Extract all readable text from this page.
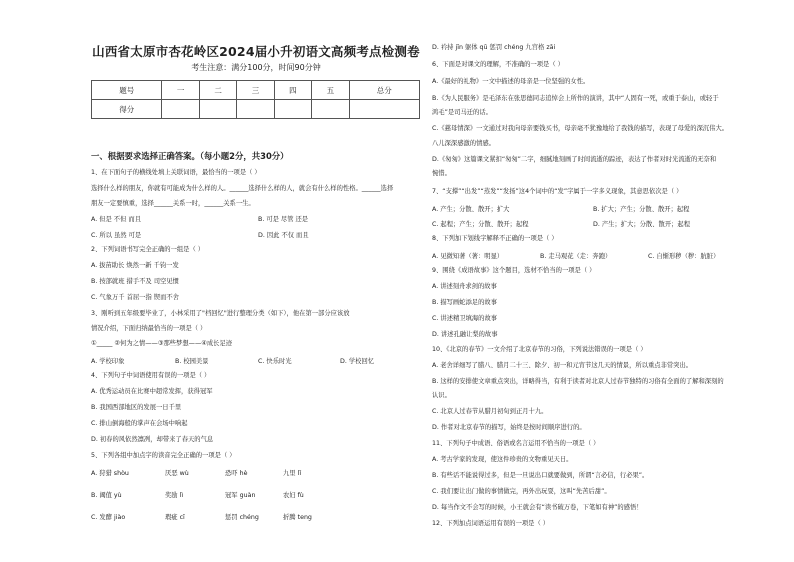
山西省太原市杏花岭区2024届小升初语文高频考点检测卷
考生注意：满分100分，时间90分钟
题号	一	二	三	四	五	总分
得分						
一、根据要求选择正确答案。（每小题2分，共30分）
1、在下面句子的横线处填上关联词语，最恰当的一项是（ ）
选择什么样的朋友，你就有可能成为什么样的人。______选择什么样的人，就会有什么样的性格。______选择
朋友一定要慎重，选择______关系一时，______关系一生。
A. 但是 不但 而且	B. 可是 尽管 还是
C. 所以 虽然 可是	D. 因此 不仅 而且
2、下列词语书写完全正确的一组是（ ）
A. 拔苗助长 焕然一新 千钧一发
B. 按部就班 措手不及 司空见惯
C. 气象万千 首屈一指 锲而不舍
3、刚听到五年级要毕业了，小林采用了"档回忆"进行整理分类（如下），他在第一部分应该放
情况介绍，下面归纳最恰当的一项是（ ）
①_____ ②何为之情——③那些梦想——④成长足迹
A. 学校印象	B. 校园美景	C. 快乐时光	D. 学校回忆
4、下列句子中词语使用有误的一项是（ ）
A. 优秀运动员在比赛中超常发挥，获得冠军
B. 我国西部地区的发展一日千里
C. 排山倒海般的掌声在会场中响起
D. 初春的风依然凛冽，却带来了春天的气息
5、下列各组中加点字的读音完全正确的一项是（ ）
A. 狩猎 shòu	厌恶 wù	恐吓 hè	九里 lǐ
B. 阈值 yù	奖励 lì	冠军 guàn	农妇 fù
C. 发酵 jiào	瑕疵 cī	惩罚 chéng	折腾 teng
D. 衿持 jīn 躯体 qū 惩罚 chéng 九宫格 zāi
6、下面是对课文的理解，不准确的一项是（ ）
A.《最好的礼物》一文中描述的母亲是一位坚强的女性。
B.《为人民服务》是毛泽东在张思德同志追悼会上所作的演讲，其中“人固有一死，或重于泰山，或轻于
鸿毛”是司马迁的话。
C.《慈母情深》一文通过对我向母亲要钱买书，母亲毫不犹豫地给了我钱的描写，表现了母爱的深沉伟大。
八儿深深感激的情感。
D.《匆匆》这篇课文紧扣“匆匆”二字，细腻地刻画了时间流逝的踪迹，表达了作者对时光流逝的无奈和
惋惜。
7、“支撑”“出发”“蒸发”“发扬”这4个词中的“发”字属于一字多义现象，其意思依次是（ ）
A. 产生；分散、散开；扩大	B. 扩大；产生；分散、散开；起程
C. 起程；产生；分散、散开；起程	D. 产生；扩大；分散、散开；起程
8、下列加下划线字解释不正确的一项是（ ）
A. 见微知著（著：明显）	B. 走马观花（走：奔跑）	C. 自惭形秽（秽：肮脏）
9、围绕《成语故事》这个题目，选材不恰当的一项是（ ）
A. 讲述刻舟求剑的故事
B. 描写画蛇添足的故事
C. 讲述精卫填海的故事
D. 讲述孔融让梨的故事
10、《北京的春节》一文介绍了北京春节的习俗，下列说法错误的一项是（ ）
A. 老舍详细写了腊八、腊月二十三、除夕、初一和元宵节这几天的情景，所以重点非常突出。
B. 这样的安排使文章重点突出，详略得当，有利于读者对北京人过春节独特的习俗有全面的了解和深刻的
认识。
C. 北京人过春节从腊月初旬到正月十九。
D. 作者对北京春节的描写，始终是按时间顺序进行的。
11、下列句子中成语、俗语或名言运用不恰当的一项是（ ）
A. 考古学家的发现，使这件珍贵的文物重见天日。
B. 有些话不能说得过多，但是一旦说出口就要做到，所谓“言必信，行必果”。
C. 我们要让出门做的事情做完，再外出玩耍，这叫“先苦后甜”。
D. 每当作文不会写的时候，小王就会有“读书破万卷，下笔如有神”的感悟！
12、下列加点词语运用有误的一项是（ ）
